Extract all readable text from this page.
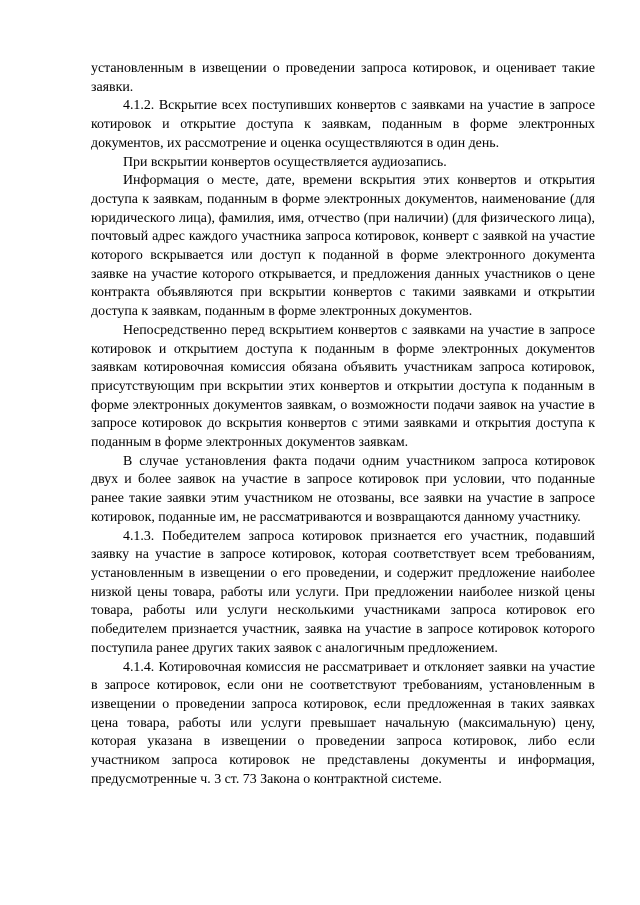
установленным в извещении о проведении запроса котировок, и оценивает такие заявки.

4.1.2. Вскрытие всех поступивших конвертов с заявками на участие в запросе котировок и открытие доступа к заявкам, поданным в форме электронных документов, их рассмотрение и оценка осуществляются в один день.

При вскрытии конвертов осуществляется аудиозапись.

Информация о месте, дате, времени вскрытия этих конвертов и открытия доступа к заявкам, поданным в форме электронных документов, наименование (для юридического лица), фамилия, имя, отчество (при наличии) (для физического лица), почтовый адрес каждого участника запроса котировок, конверт с заявкой на участие которого вскрывается или доступ к поданной в форме электронного документа заявке на участие которого открывается, и предложения данных участников о цене контракта объявляются при вскрытии конвертов с такими заявками и открытии доступа к заявкам, поданным в форме электронных документов.

Непосредственно перед вскрытием конвертов с заявками на участие в запросе котировок и открытием доступа к поданным в форме электронных документов заявкам котировочная комиссия обязана объявить участникам запроса котировок, присутствующим при вскрытии этих конвертов и открытии доступа к поданным в форме электронных документов заявкам, о возможности подачи заявок на участие в запросе котировок до вскрытия конвертов с этими заявками и открытия доступа к поданным в форме электронных документов заявкам.

В случае установления факта подачи одним участником запроса котировок двух и более заявок на участие в запросе котировок при условии, что поданные ранее такие заявки этим участником не отозваны, все заявки на участие в запросе котировок, поданные им, не рассматриваются и возвращаются данному участнику.

4.1.3. Победителем запроса котировок признается его участник, подавший заявку на участие в запросе котировок, которая соответствует всем требованиям, установленным в извещении о его проведении, и содержит предложение наиболее низкой цены товара, работы или услуги. При предложении наиболее низкой цены товара, работы или услуги несколькими участниками запроса котировок его победителем признается участник, заявка на участие в запросе котировок которого поступила ранее других таких заявок с аналогичным предложением.

4.1.4. Котировочная комиссия не рассматривает и отклоняет заявки на участие в запросе котировок, если они не соответствуют требованиям, установленным в извещении о проведении запроса котировок, если предложенная в таких заявках цена товара, работы или услуги превышает начальную (максимальную) цену, которая указана в извещении о проведении запроса котировок, либо если участником запроса котировок не представлены документы и информация, предусмотренные ч. 3 ст. 73 Закона о контрактной системе.
